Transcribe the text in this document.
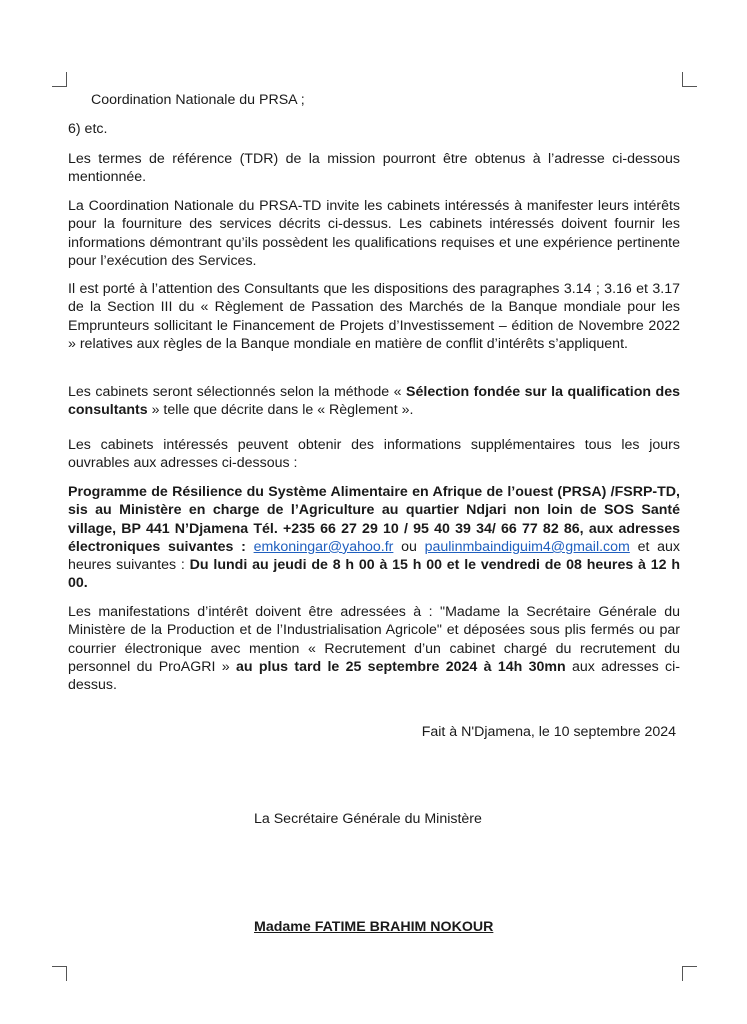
Coordination Nationale du PRSA ;
6) etc.

Les termes de référence (TDR) de la mission pourront être obtenus à l’adresse ci-dessous mentionnée.

La Coordination Nationale du PRSA-TD invite les cabinets intéressés à manifester leurs intérêts pour la fourniture des services décrits ci-dessus. Les cabinets intéressés doivent fournir les informations démontrant qu’ils possèdent les qualifications requises et une expérience pertinente pour l’exécution des Services.

Il est porté à l’attention des Consultants que les dispositions des paragraphes 3.14 ; 3.16 et 3.17 de la Section III du « Règlement de Passation des Marchés de la Banque mondiale pour les Emprunteurs sollicitant le Financement de Projets d’Investissement – édition de Novembre 2022 » relatives aux règles de la Banque mondiale en matière de conflit d’intérêts s’appliquent.

Les cabinets seront sélectionnés selon la méthode « Sélection fondée sur la qualification des consultants » telle que décrite dans le « Règlement ».

Les cabinets intéressés peuvent obtenir des informations supplémentaires tous les jours ouvrables aux adresses ci-dessous :

Programme de Résilience du Système Alimentaire en Afrique de l’ouest (PRSA) /FSRP-TD, sis au Ministère en charge de l’Agriculture au quartier Ndjari non loin de SOS Santé village, BP 441 N’Djamena Tél. +235 66 27 29 10 / 95 40 39 34/ 66 77 82 86, aux adresses électroniques suivantes : emkoningar@yahoo.fr ou paulinmbaindiguim4@gmail.com et aux heures suivantes : Du lundi au jeudi de 8 h 00 à 15 h 00 et le vendredi de 08 heures à 12 h 00.

Les manifestations d’intérêt doivent être adressées à : "Madame la Secrétaire Générale du Ministère de la Production et de l’Industrialisation Agricole" et déposées sous plis fermés ou par courrier électronique avec mention « Recrutement d’un cabinet chargé du recrutement du personnel du ProAGRI » au plus tard le 25 septembre 2024 à 14h 30mn aux adresses ci-dessus.

Fait à N'Djamena, le 10 septembre 2024
La Secrétaire Générale du Ministère
Madame FATIME BRAHIM NOKOUR
